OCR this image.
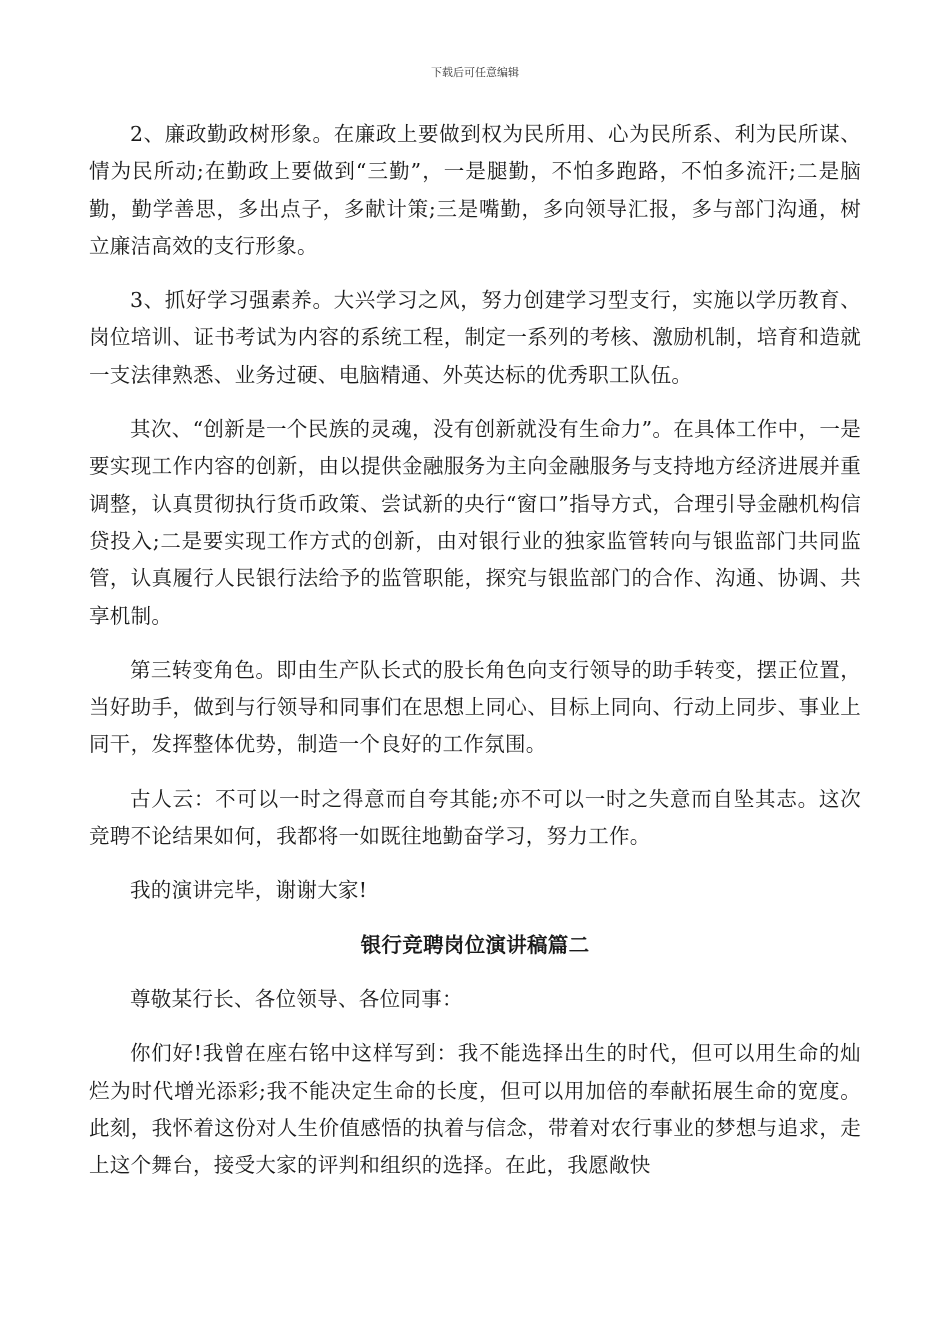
下载后可任意编辑

2、廉政勤政树形象。在廉政上要做到权为民所用、心为民所系、利为民所谋、情为民所动;在勤政上要做到“三勤”，一是腿勤，不怕多跑路，不怕多流汗;二是脑勤，勤学善思，多出点子，多献计策;三是嘴勤，多向领导汇报，多与部门沟通，树立廉洁高效的支行形象。

3、抓好学习强素养。大兴学习之风，努力创建学习型支行，实施以学历教育、岗位培训、证书考试为内容的系统工程，制定一系列的考核、激励机制，培育和造就一支法律熟悉、业务过硬、电脑精通、外英达标的优秀职工队伍。

其次、“创新是一个民族的灵魂，没有创新就没有生命力”。在具体工作中，一是要实现工作内容的创新，由以提供金融服务为主向金融服务与支持地方经济进展并重调整，认真贯彻执行货币政策、尝试新的央行“窗口”指导方式，合理引导金融机构信贷投入;二是要实现工作方式的创新，由对银行业的独家监管转向与银监部门共同监管，认真履行人民银行法给予的监管职能，探究与银监部门的合作、沟通、协调、共享机制。

第三转变角色。即由生产队长式的股长角色向支行领导的助手转变，摆正位置，当好助手，做到与行领导和同事们在思想上同心、目标上同向、行动上同步、事业上同干，发挥整体优势，制造一个良好的工作氛围。

古人云：不可以一时之得意而自夸其能;亦不可以一时之失意而自坠其志。这次竞聘不论结果如何，我都将一如既往地勤奋学习，努力工作。

我的演讲完毕，谢谢大家!

银行竞聘岗位演讲稿篇二

尊敬某行长、各位领导、各位同事：

你们好!我曾在座右铭中这样写到：我不能选择出生的时代，但可以用生命的灿烂为时代增光添彩;我不能决定生命的长度，但可以用加倍的奉献拓展生命的宽度。此刻，我怀着这份对人生价值感悟的执着与信念，带着对农行事业的梦想与追求，走上这个舞台，接受大家的评判和组织的选择。在此，我愿敞快
